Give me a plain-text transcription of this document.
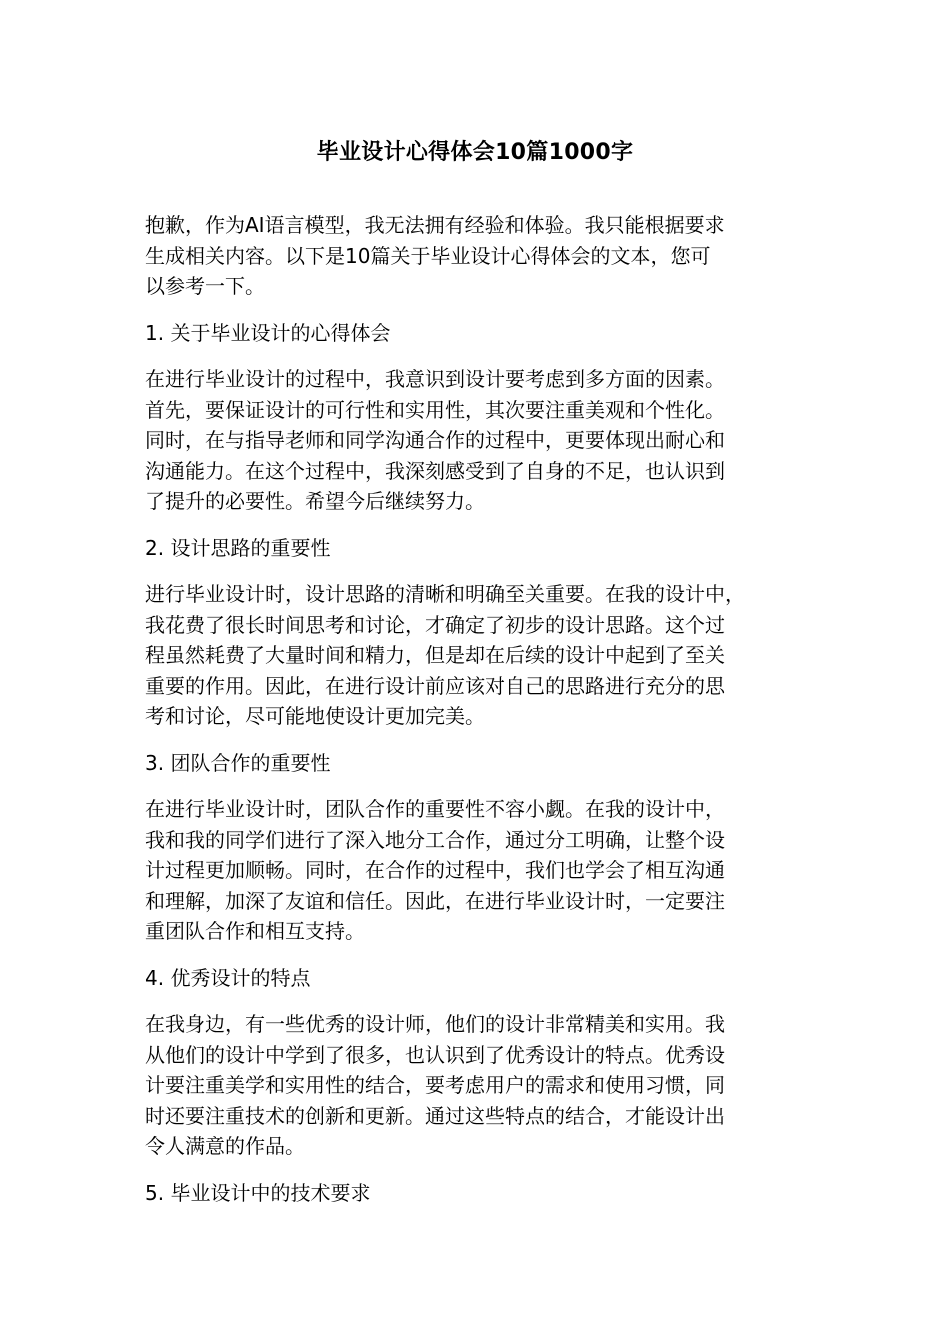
毕业设计心得体会10篇1000字
抱歉，作为AI语言模型，我无法拥有经验和体验。我只能根据要求
生成相关内容。以下是10篇关于毕业设计心得体会的文本，您可
以参考一下。
1. 关于毕业设计的心得体会
在进行毕业设计的过程中，我意识到设计要考虑到多方面的因素。
首先，要保证设计的可行性和实用性，其次要注重美观和个性化。
同时，在与指导老师和同学沟通合作的过程中，更要体现出耐心和
沟通能力。在这个过程中，我深刻感受到了自身的不足，也认识到
了提升的必要性。希望今后继续努力。
2. 设计思路的重要性
进行毕业设计时，设计思路的清晰和明确至关重要。在我的设计中，
我花费了很长时间思考和讨论，才确定了初步的设计思路。这个过
程虽然耗费了大量时间和精力，但是却在后续的设计中起到了至关
重要的作用。因此，在进行设计前应该对自己的思路进行充分的思
考和讨论，尽可能地使设计更加完美。
3. 团队合作的重要性
在进行毕业设计时，团队合作的重要性不容小觑。在我的设计中，
我和我的同学们进行了深入地分工合作，通过分工明确，让整个设
计过程更加顺畅。同时，在合作的过程中，我们也学会了相互沟通
和理解，加深了友谊和信任。因此，在进行毕业设计时，一定要注
重团队合作和相互支持。
4. 优秀设计的特点
在我身边，有一些优秀的设计师，他们的设计非常精美和实用。我
从他们的设计中学到了很多，也认识到了优秀设计的特点。优秀设
计要注重美学和实用性的结合，要考虑用户的需求和使用习惯，同
时还要注重技术的创新和更新。通过这些特点的结合，才能设计出
令人满意的作品。
5. 毕业设计中的技术要求
